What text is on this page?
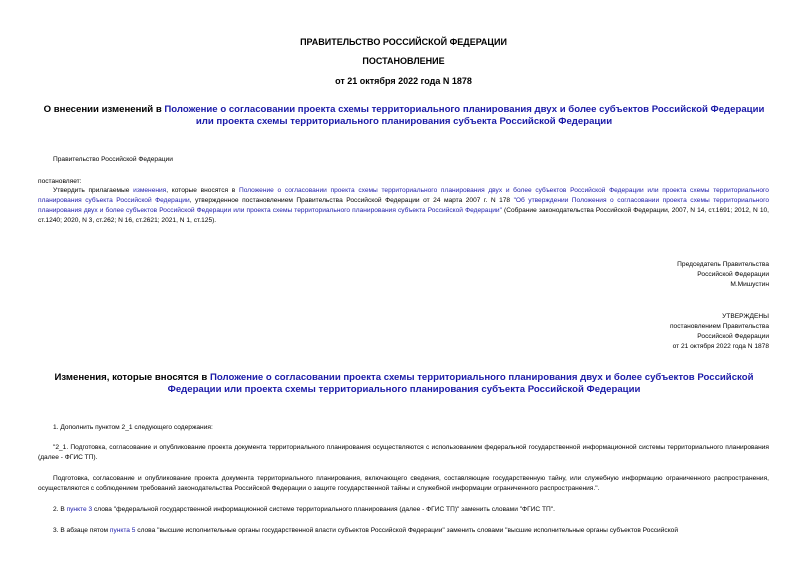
ПРАВИТЕЛЬСТВО РОССИЙСКОЙ ФЕДЕРАЦИИ
ПОСТАНОВЛЕНИЕ
от 21 октября 2022 года N 1878
О внесении изменений в Положение о согласовании проекта схемы территориального планирования двух и более субъектов Российской Федерации или проекта схемы территориального планирования субъекта Российской Федерации
Правительство Российской Федерации
постановляет:
Утвердить прилагаемые изменения, которые вносятся в Положение о согласовании проекта схемы территориального планирования двух и более субъектов Российской Федерации или проекта схемы территориального планирования субъекта Российской Федерации, утвержденное постановлением Правительства Российской Федерации от 24 марта 2007 г. N 178 "Об утверждении Положения о согласовании проекта схемы территориального планирования двух и более субъектов Российской Федерации или проекта схемы территориального планирования субъекта Российской Федерации" (Собрание законодательства Российской Федерации, 2007, N 14, ст.1691; 2012, N 10, ст.1240; 2020, N 3, ст.262; N 16, ст.2621; 2021, N 1, ст.125).
Председатель Правительства
Российской Федерации
М.Мишустин
УТВЕРЖДЕНЫ
постановлением Правительства
Российской Федерации
от 21 октября 2022 года N 1878
Изменения, которые вносятся в Положение о согласовании проекта схемы территориального планирования двух и более субъектов Российской Федерации или проекта схемы территориального планирования субъекта Российской Федерации
1. Дополнить пунктом 2_1 следующего содержания:
"2_1. Подготовка, согласование и опубликование проекта документа территориального планирования осуществляются с использованием федеральной государственной информационной системы территориального планирования (далее - ФГИС ТП).
Подготовка, согласование и опубликование проекта документа территориального планирования, включающего сведения, составляющие государственную тайну, или служебную информацию ограниченного распространения, осуществляются с соблюдением требований законодательства Российской Федерации о защите государственной тайны и служебной информации ограниченного распространения.".
2. В пункте 3 слова "федеральной государственной информационной системе территориального планирования (далее - ФГИС ТП)" заменить словами "ФГИС ТП".
3. В абзаце пятом пункта 5 слова "высшие исполнительные органы государственной власти субъектов Российской Федерации" заменить словами "высшие исполнительные органы субъектов Российской
